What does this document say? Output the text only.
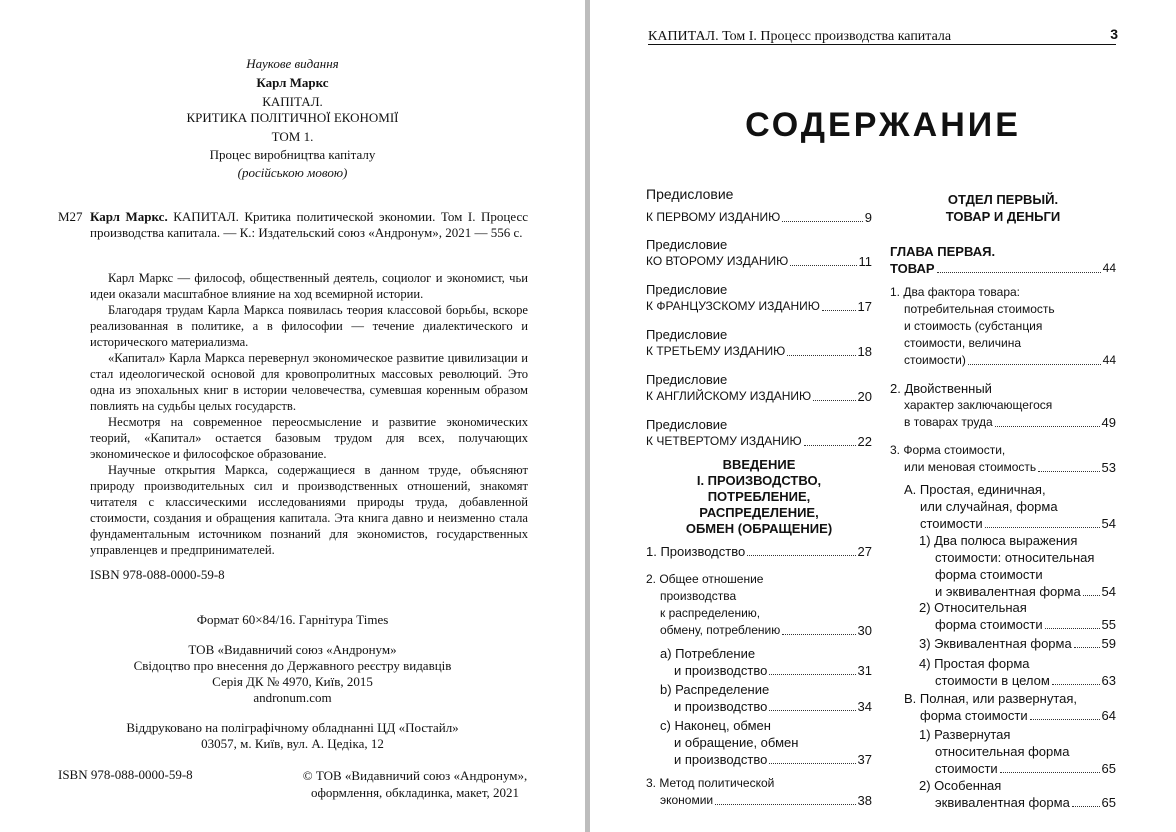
Наукове видання
Карл Маркс
КАПІТАЛ.
КРИТИКА ПОЛІТИЧНОЇ ЕКОНОМІЇ
ТОМ 1.
Процес виробництва капіталу
(російською мовою)
М27 Карл Маркс. КАПИТАЛ. Критика политической экономии. Том I. Процесс производства капитала. — К.: Издательский союз «Андронум», 2021 — 556 с.

Карл Маркс — философ, общественный деятель, социолог и экономист, чьи идеи оказали масштабное влияние на ход всемирной истории.

Благодаря трудам Карла Маркса появилась теория классовой борьбы, вскоре реализованная в политике, а в философии — течение диалектического и исторического материализма.

«Капитал» Карла Маркса перевернул экономическое развитие цивилизации и стал идеологической основой для кровопролитных массовых революций. Это одна из эпохальных книг в истории человечества, сумевшая коренным образом повлиять на судьбы целых государств.

Несмотря на современное переосмысление и развитие экономических теорий, «Капитал» остается базовым трудом для всех, получающих экономическое и философское образование.

Научные открытия Маркса, содержащиеся в данном труде, объясняют природу производительных сил и производственных отношений, знакомят читателя с классическими исследованиями природы труда, добавленной стоимости, создания и обращения капитала. Эта книга давно и неизменно стала фундаментальным источником познаний для экономистов, государственных управленцев и предпринимателей.

ISBN 978-088-0000-59-8
Формат 60×84/16. Гарнітура Times
ТОВ «Видавничий союз «Андронум»
Свідоцтво про внесення до Державного реєстру видавців
Серія ДК № 4970, Київ, 2015
andronum.com
Віддруковано на поліграфічному обладнанні ЦД «Постайл»
03057, м. Київ, вул. А. Цедіка, 12
ISBN 978-088-0000-59-8	© ТОВ «Видавничий союз «Андронум»,
оформлення, обкладинка, макет, 2021
КАПИТАЛ. Том I. Процесс производства капитала	3
СОДЕРЖАНИЕ
Предисловие
К ПЕРВОМУ ИЗДАНИЮ	9
Предисловие
КО ВТОРОМУ ИЗДАНИЮ	11
Предисловие
К ФРАНЦУЗСКОМУ ИЗДАНИЮ	17
Предисловие
К ТРЕТЬЕМУ ИЗДАНИЮ	18
Предисловие
К АНГЛИЙСКОМУ ИЗДАНИЮ	20
Предисловие
К ЧЕТВЕРТОМУ ИЗДАНИЮ	22
ВВЕДЕНИЕ
I. ПРОИЗВОДСТВО,
ПОТРЕБЛЕНИЕ,
РАСПРЕДЕЛЕНИЕ,
ОБМЕН (ОБРАЩЕНИЕ)
1. Производство	27
2. Общее отношение
производства
к распределению,
обмену, потреблению	30
a) Потребление
и производство	31
b) Распределение
и производство	34
c) Наконец, обмен
и обращение, обмен
и производство	37
3. Метод политической
экономии	38
ОТДЕЛ ПЕРВЫЙ.
ТОВАР И ДЕНЬГИ
ГЛАВА ПЕРВАЯ.
ТОВАР	44
1. Два фактора товара:
потребительная стоимость
и стоимость (субстанция
стоимости, величина
стоимости)	44
2. Двойственный
характер заключающегося
в товарах труда	49
3. Форма стоимости,
или меновая стоимость	53
A. Простая, единичная,
или случайная, форма
стоимости	54
1) Два полюса выражения
стоимости: относительная
форма стоимости
и эквивалентная форма 54
2) Относительная
форма стоимости	55
3) Эквивалентная форма 59
4) Простая форма
стоимости в целом	63
B. Полная, или развернутая,
форма стоимости	64
1) Развернутая
относительная форма
стоимости	65
2) Особенная
эквивалентная форма 65
